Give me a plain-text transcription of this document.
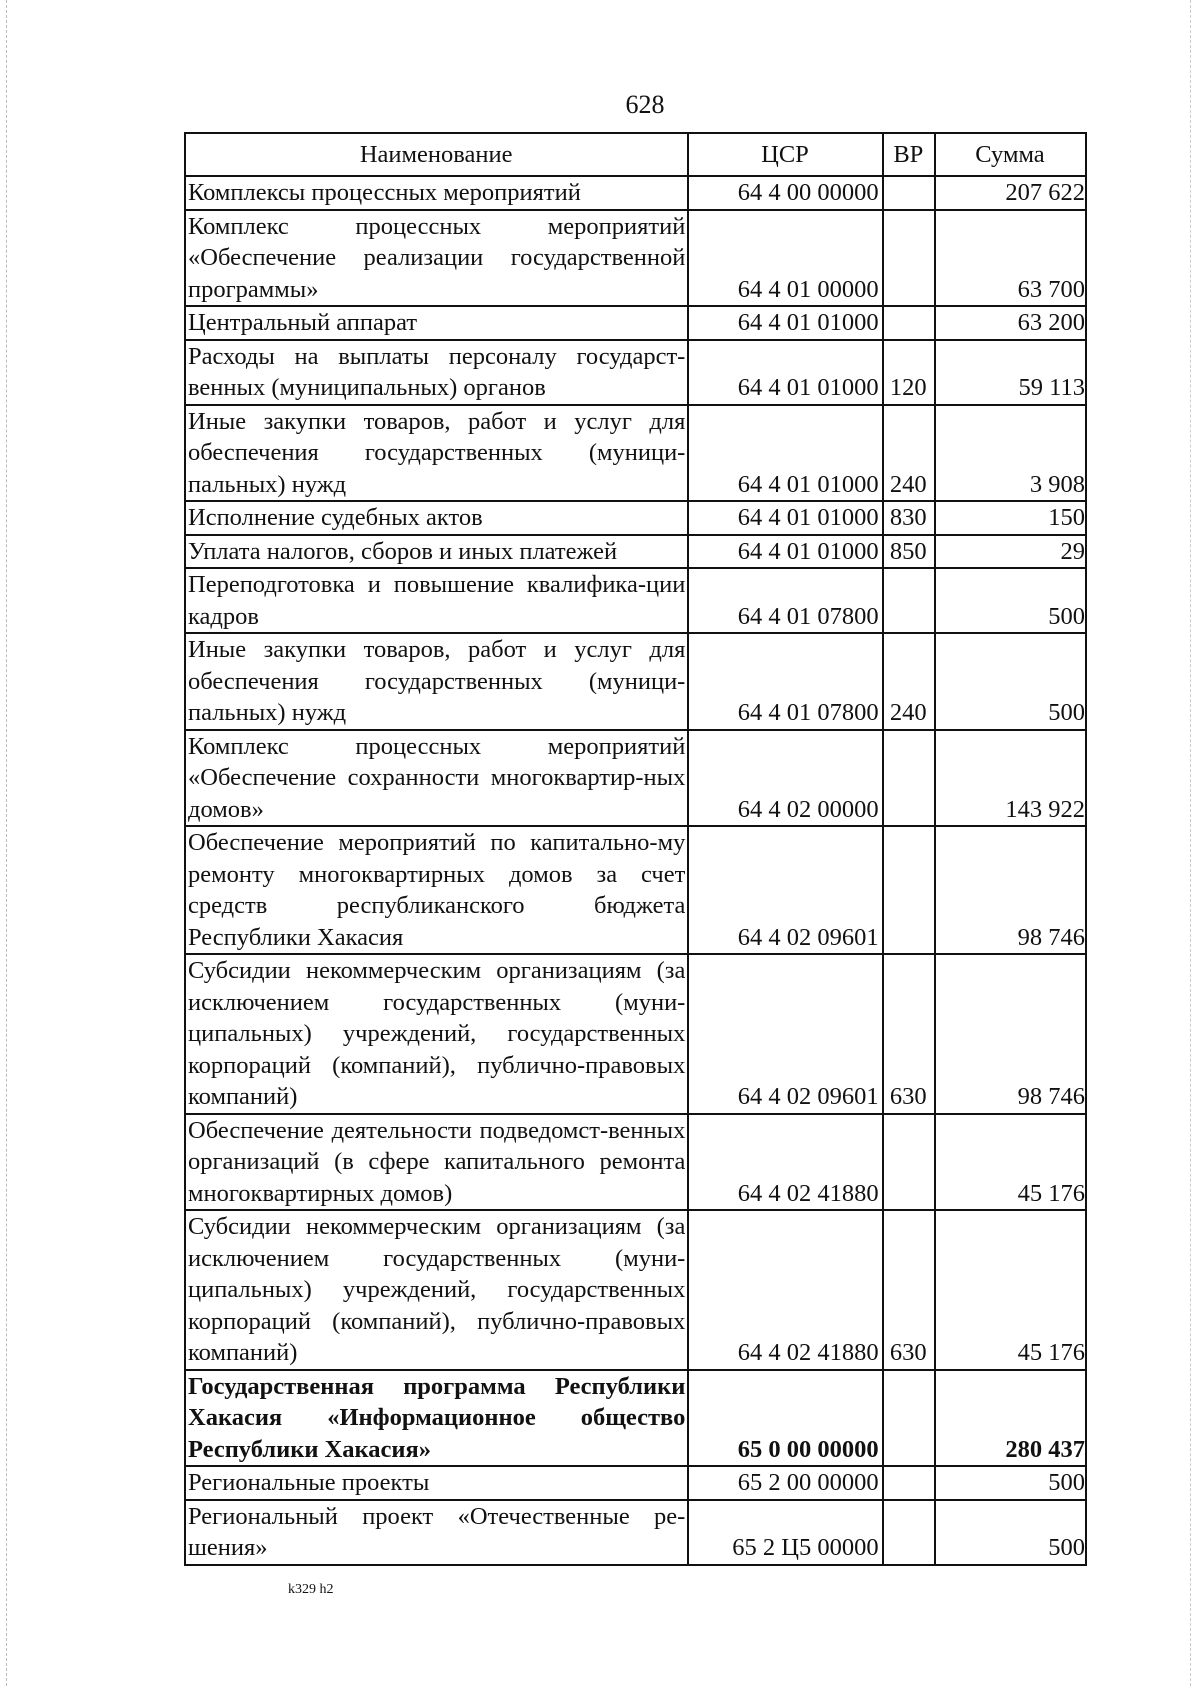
628
Наименование	ЦСР	ВР	Сумма
Комплексы процессных мероприятий	64 4 00 00000		207 622
Комплекс процессных мероприятий «Обеспечение реализации государственной программы»	64 4 01 00000		63 700
Центральный аппарат	64 4 01 01000		63 200
Расходы на выплаты персоналу государст-венных (муниципальных) органов	64 4 01 01000	120	59 113
Иные закупки товаров, работ и услуг для обеспечения государственных (муници-пальных) нужд	64 4 01 01000	240	3 908
Исполнение судебных актов	64 4 01 01000	830	150
Уплата налогов, сборов и иных платежей	64 4 01 01000	850	29
Переподготовка и повышение квалифика-ции кадров	64 4 01 07800		500
Иные закупки товаров, работ и услуг для обеспечения государственных (муници-пальных) нужд	64 4 01 07800	240	500
Комплекс процессных мероприятий «Обеспечение сохранности многоквартир-ных домов»	64 4 02 00000		143 922
Обеспечение мероприятий по капитально-му ремонту многоквартирных домов за счет средств республиканского бюджета Республики Хакасия	64 4 02 09601		98 746
Субсидии некоммерческим организациям (за исключением государственных (муни-ципальных) учреждений, государственных корпораций (компаний), публично-правовых компаний)	64 4 02 09601	630	98 746
Обеспечение деятельности подведомст-венных организаций (в сфере капитального ремонта многоквартирных домов)	64 4 02 41880		45 176
Субсидии некоммерческим организациям (за исключением государственных (муни-ципальных) учреждений, государственных корпораций (компаний), публично-правовых компаний)	64 4 02 41880	630	45 176
Государственная программа Республики Хакасия «Информационное общество Республики Хакасия»	65 0 00 00000		280 437
Региональные проекты	65 2 00 00000		500
Региональный проект «Отечественные ре-шения»	65 2 Ц5 00000		500
k329 h2
